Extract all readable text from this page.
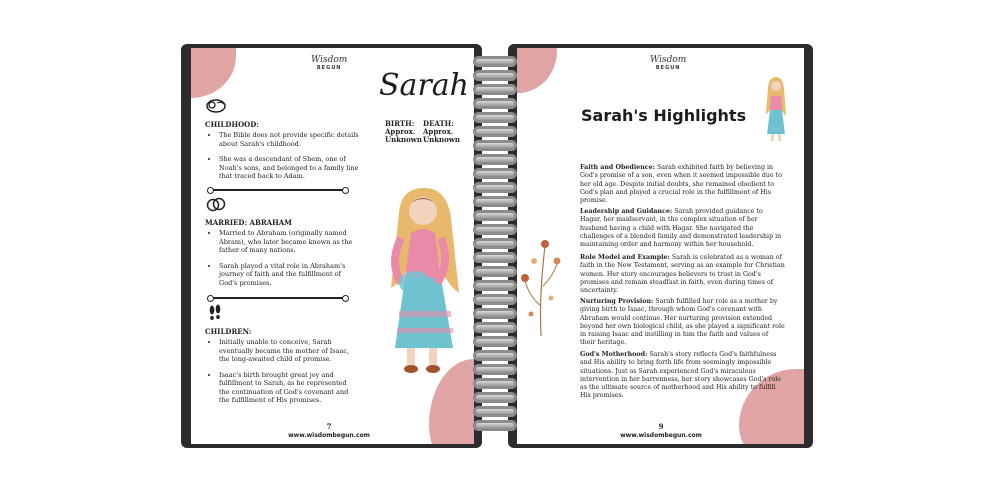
Wisdom
BEGUN Sarah
BIRTH:
Approx. Unknown
DEATH:
Approx. Unknown
CHILDHOOD:
• The Bible does not provide specific details about Sarah's childhood.
• She was a descendant of Shem, one of Noah's sons, and belonged to a family line that traced back to Adam.
MARRIED: ABRAHAM
• Married to Abraham (originally named Abram), who later became known as the father of many nations.
• Sarah played a vital role in Abraham's journey of faith and the fulfillment of God's promises.
CHILDREN:
• Initially unable to conceive, Sarah eventually became the mother of Isaac, the long-awaited child of promise.
• Isaac's birth brought great joy and fulfillment to Sarah, as he represented the continuation of God's covenant and the fulfillment of His promises.
7
www.wisdombegun.com
Wisdom
BEGUN
Sarah's Highlights

Faith and Obedience: Sarah exhibited faith by believing in God's promise of a son, even when it seemed impossible due to her old age. Despite initial doubts, she remained obedient to God's plan and played a crucial role in the fulfillment of His promise.

Leadership and Guidance: Sarah provided guidance to Hagar, her maidservant, in the complex situation of her husband having a child with Hagar. She navigated the challenges of a blended family and demonstrated leadership in maintaining order and harmony within her household.

Role Model and Example: Sarah is celebrated as a woman of faith in the New Testament, serving as an example for Christian women. Her story encourages believers to trust in God's promises and remain steadfast in faith, even during times of uncertainty.

Nurturing Provision: Sarah fulfilled her role as a mother by giving birth to Isaac, through whom God's covenant with Abraham would continue. Her nurturing provision extended beyond her own biological child, as she played a significant role in raising Isaac and instilling in him the faith and values of their heritage.

God's Motherhood: Sarah's story reflects God's faithfulness and His ability to bring forth life from seemingly impossible situations. Just as Sarah experienced God's miraculous intervention in her barrenness, her story showcases God's role as the ultimate source of motherhood and His ability to fulfill His promises.

9
www.wisdombegun.com
